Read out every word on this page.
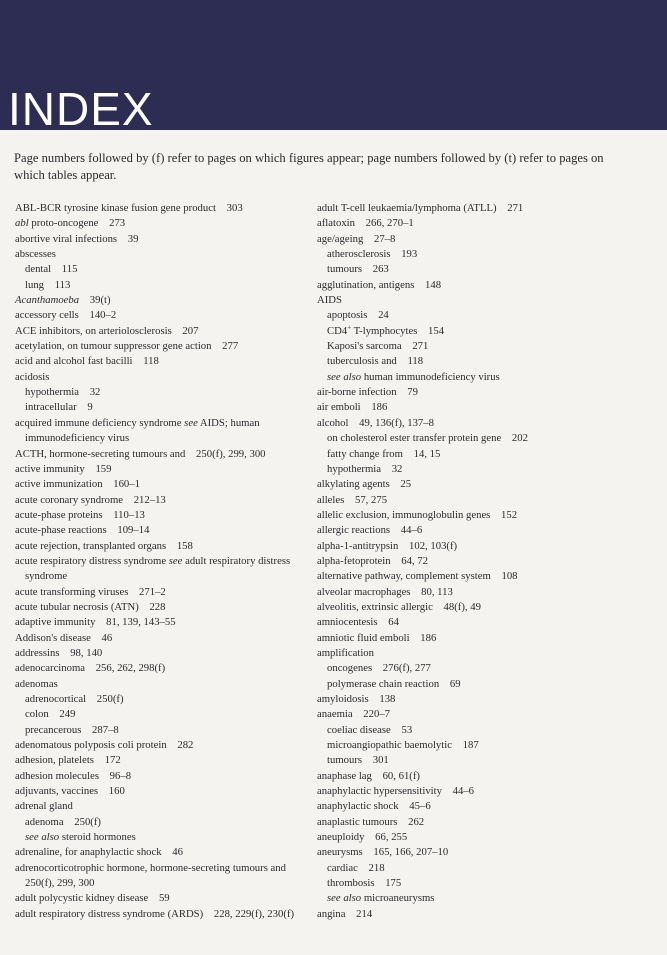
INDEX
Page numbers followed by (f) refer to pages on which figures appear; page numbers followed by (t) refer to pages on which tables appear.
ABL-BCR tyrosine kinase fusion gene product    303
abl proto-oncogene    273
abortive viral infections    39
abscesses
dental    115
lung    113
Acanthamoeba    39(t)
accessory cells    140–2
ACE inhibitors, on arteriolosclerosis    207
acetylation, on tumour suppressor gene action    277
acid and alcohol fast bacilli    118
acidosis
hypothermia    32
intracellular    9
acquired immune deficiency syndrome see AIDS; human immunodeficiency virus
ACTH, hormone-secreting tumours and    250(f), 299, 300
active immunity    159
active immunization    160–1
acute coronary syndrome    212–13
acute-phase proteins    110–13
acute-phase reactions    109–14
acute rejection, transplanted organs    158
acute respiratory distress syndrome see adult respiratory distress syndrome
acute transforming viruses    271–2
acute tubular necrosis (ATN)    228
adaptive immunity    81, 139, 143–55
Addison's disease    46
addressins    98, 140
adenocarcinoma    256, 262, 298(f)
adenomas
adrenocortical    250(f)
colon    249
precancerous    287–8
adenomatous polyposis coli protein    282
adhesion, platelets    172
adhesion molecules    96–8
adjuvants, vaccines    160
adrenal gland
adenoma    250(f)
see also steroid hormones
adrenaline, for anaphylactic shock    46
adrenocorticotrophic hormone, hormone-secreting tumours and 250(f), 299, 300
adult polycystic kidney disease    59
adult respiratory distress syndrome (ARDS)    228, 229(f), 230(f)
adult T-cell leukaemia/lymphoma (ATLL)    271
aflatoxin    266, 270–1
age/ageing    27–8
atherosclerosis    193
tumours    263
agglutination, antigens    148
AIDS
apoptosis    24
CD4+ T-lymphocytes    154
Kaposi's sarcoma    271
tuberculosis and    118
see also human immunodeficiency virus
air-borne infection    79
air emboli    186
alcohol    49, 136(f), 137–8
on cholesterol ester transfer protein gene    202
fatty change from    14, 15
hypothermia    32
alkylating agents    25
alleles    57, 275
allelic exclusion, immunoglobulin genes    152
allergic reactions    44–6
alpha-1-antitrypsin    102, 103(f)
alpha-fetoprotein    64, 72
alternative pathway, complement system    108
alveolar macrophages    80, 113
alveolitis, extrinsic allergic    48(f), 49
amniocentesis    64
amniotic fluid emboli    186
amplification
oncogenes    276(f), 277
polymerase chain reaction    69
amyloidosis    138
anaemia    220–7
coeliac disease    53
microangiopathic baemolytic    187
tumours    301
anaphase lag    60, 61(f)
anaphylactic hypersensitivity    44–6
anaphylactic shock    45–6
anaplastic tumours    262
aneuploidy    66, 255
aneurysms    165, 166, 207–10
cardiac    218
thrombosis    175
see also microaneurysms
angina    214
